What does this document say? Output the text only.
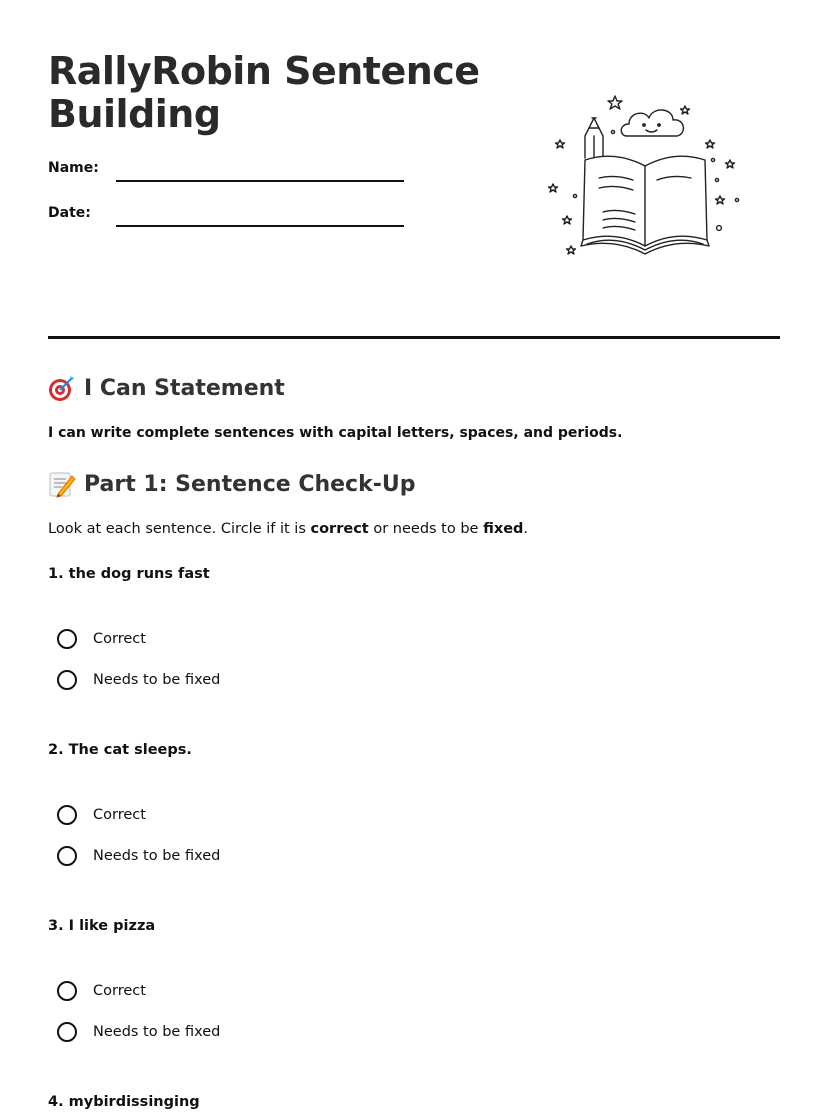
RallyRobin Sentence Building
Name:
Date:
I Can Statement
I can write complete sentences with capital letters, spaces, and periods.
Part 1: Sentence Check-Up
Look at each sentence. Circle if it is correct or needs to be fixed.
1. the dog runs fast
Correct
Needs to be fixed
2. The cat sleeps.
Correct
Needs to be fixed
3. I like pizza
Correct
Needs to be fixed
4. mybirdissinging
